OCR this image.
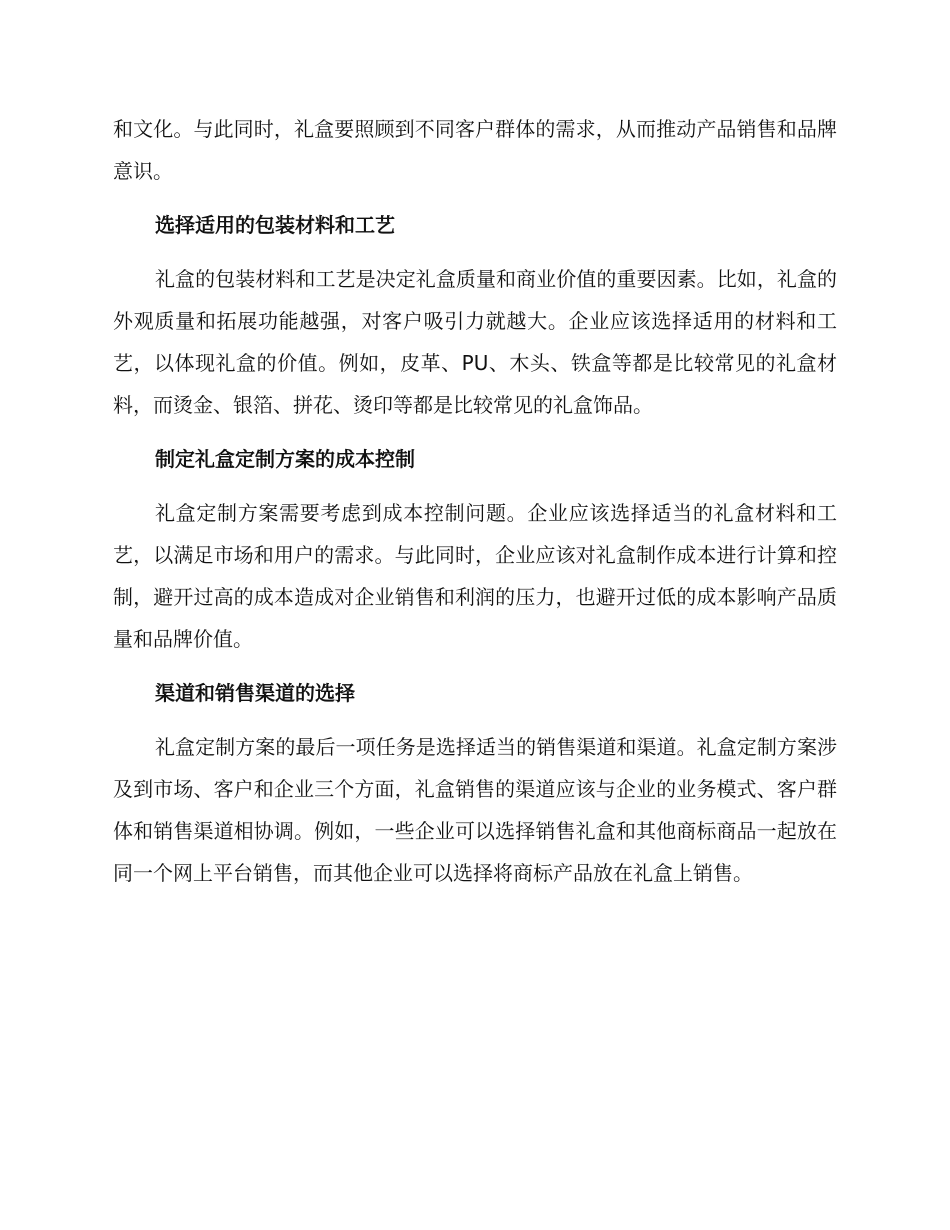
和文化。与此同时，礼盒要照顾到不同客户群体的需求，从而推动产品销售和品牌意识。

选择适用的包装材料和工艺

礼盒的包装材料和工艺是决定礼盒质量和商业价值的重要因素。比如，礼盒的外观质量和拓展功能越强，对客户吸引力就越大。企业应该选择适用的材料和工艺，以体现礼盒的价值。例如，皮革、PU、木头、铁盒等都是比较常见的礼盒材料，而烫金、银箔、拼花、烫印等都是比较常见的礼盒饰品。

制定礼盒定制方案的成本控制

礼盒定制方案需要考虑到成本控制问题。企业应该选择适当的礼盒材料和工艺，以满足市场和用户的需求。与此同时，企业应该对礼盒制作成本进行计算和控制，避开过高的成本造成对企业销售和利润的压力，也避开过低的成本影响产品质量和品牌价值。

渠道和销售渠道的选择

礼盒定制方案的最后一项任务是选择适当的销售渠道和渠道。礼盒定制方案涉及到市场、客户和企业三个方面，礼盒销售的渠道应该与企业的业务模式、客户群体和销售渠道相协调。例如，一些企业可以选择销售礼盒和其他商标商品一起放在同一个网上平台销售，而其他企业可以选择将商标产品放在礼盒上销售。
